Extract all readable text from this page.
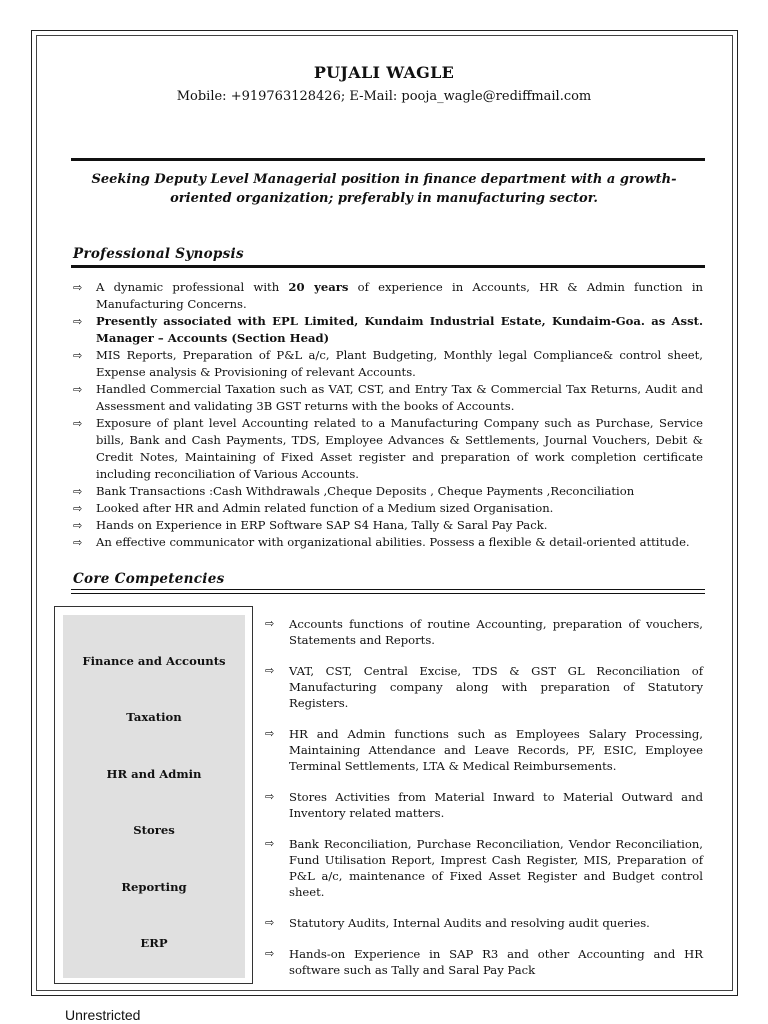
PUJALI WAGLE
Mobile: +919763128426; E-Mail: pooja_wagle@rediffmail.com
Seeking Deputy Level Managerial position in finance department with a growth-oriented organization; preferably in manufacturing sector.
Professional Synopsis
⇨ A dynamic professional with 20 years of experience in Accounts, HR & Admin function in Manufacturing Concerns.
⇨ Presently associated with EPL Limited, Kundaim Industrial Estate, Kundaim-Goa. as Asst. Manager – Accounts (Section Head)
⇨ MIS Reports, Preparation of P&L a/c, Plant Budgeting, Monthly legal Compliance& control sheet, Expense analysis & Provisioning of relevant Accounts.
⇨ Handled Commercial Taxation such as VAT, CST, and Entry Tax & Commercial Tax Returns, Audit and Assessment and validating 3B GST returns with the books of Accounts.
⇨ Exposure of plant level Accounting related to a Manufacturing Company such as Purchase, Service bills, Bank and Cash Payments, TDS, Employee Advances & Settlements, Journal Vouchers, Debit & Credit Notes, Maintaining of Fixed Asset register and preparation of work completion certificate including reconciliation of Various Accounts.
⇨ Bank Transactions :Cash Withdrawals ,Cheque Deposits , Cheque Payments ,Reconciliation
⇨ Looked after HR and Admin related function of a Medium sized Organisation.
⇨ Hands on Experience in ERP Software SAP S4 Hana, Tally & Saral Pay Pack.
⇨ An effective communicator with organizational abilities. Possess a flexible & detail-oriented attitude.
Core Competencies
Finance and Accounts
Taxation
HR and Admin
Stores
Reporting
ERP
⇨ Accounts functions of routine Accounting, preparation of vouchers, Statements and Reports.
⇨ VAT, CST, Central Excise, TDS & GST GL Reconciliation of Manufacturing company along with preparation of Statutory Registers.
⇨ HR and Admin functions such as Employees Salary Processing, Maintaining Attendance and Leave Records, PF, ESIC, Employee Terminal Settlements, LTA & Medical Reimbursements.
⇨ Stores Activities from Material Inward to Material Outward and Inventory related matters.
⇨ Bank Reconciliation, Purchase Reconciliation, Vendor Reconciliation, Fund Utilisation Report, Imprest Cash Register, MIS, Preparation of P&L a/c, maintenance of Fixed Asset Register and Budget control sheet.
⇨ Statutory Audits, Internal Audits and resolving audit queries.
⇨ Hands-on Experience in SAP R3 and other Accounting and HR software such as Tally and Saral Pay Pack
Unrestricted
